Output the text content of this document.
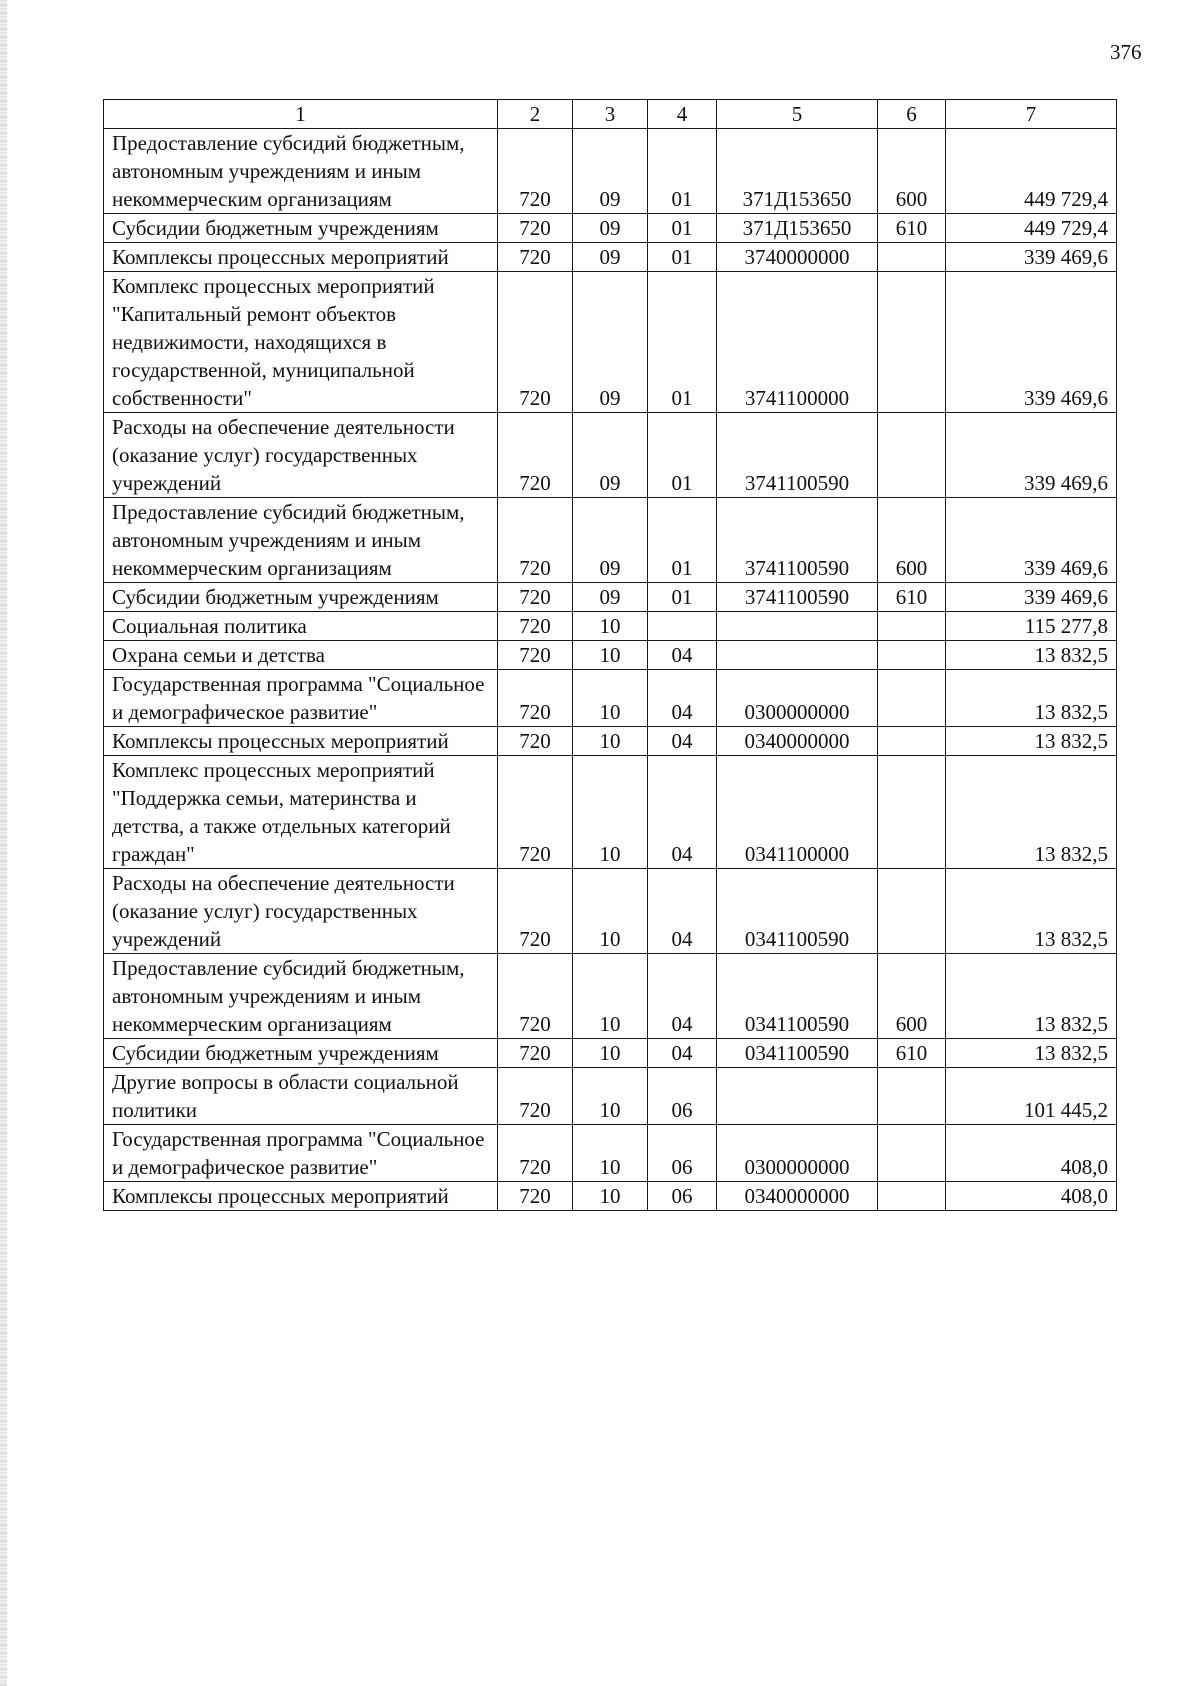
376
1	2	3	4	5	6	7
Предоставление субсидий бюджетным, автономным учреждениям и иным некоммерческим организациям	720	09	01	371Д153650	600	449 729,4
Субсидии бюджетным учреждениям	720	09	01	371Д153650	610	449 729,4
Комплексы процессных мероприятий	720	09	01	3740000000		339 469,6
Комплекс процессных мероприятий "Капитальный ремонт объектов недвижимости, находящихся в государственной, муниципальной собственности"	720	09	01	3741100000		339 469,6
Расходы на обеспечение деятельности (оказание услуг) государственных учреждений	720	09	01	3741100590		339 469,6
Предоставление субсидий бюджетным, автономным учреждениям и иным некоммерческим организациям	720	09	01	3741100590	600	339 469,6
Субсидии бюджетным учреждениям	720	09	01	3741100590	610	339 469,6
Социальная политика	720	10				115 277,8
Охрана семьи и детства	720	10	04			13 832,5
Государственная программа "Социальное и демографическое развитие"	720	10	04	0300000000		13 832,5
Комплексы процессных мероприятий	720	10	04	0340000000		13 832,5
Комплекс процессных мероприятий "Поддержка семьи, материнства и детства, а также отдельных категорий граждан"	720	10	04	0341100000		13 832,5
Расходы на обеспечение деятельности (оказание услуг) государственных учреждений	720	10	04	0341100590		13 832,5
Предоставление субсидий бюджетным, автономным учреждениям и иным некоммерческим организациям	720	10	04	0341100590	600	13 832,5
Субсидии бюджетным учреждениям	720	10	04	0341100590	610	13 832,5
Другие вопросы в области социальной политики	720	10	06			101 445,2
Государственная программа "Социальное и демографическое развитие"	720	10	06	0300000000		408,0
Комплексы процессных мероприятий	720	10	06	0340000000		408,0
